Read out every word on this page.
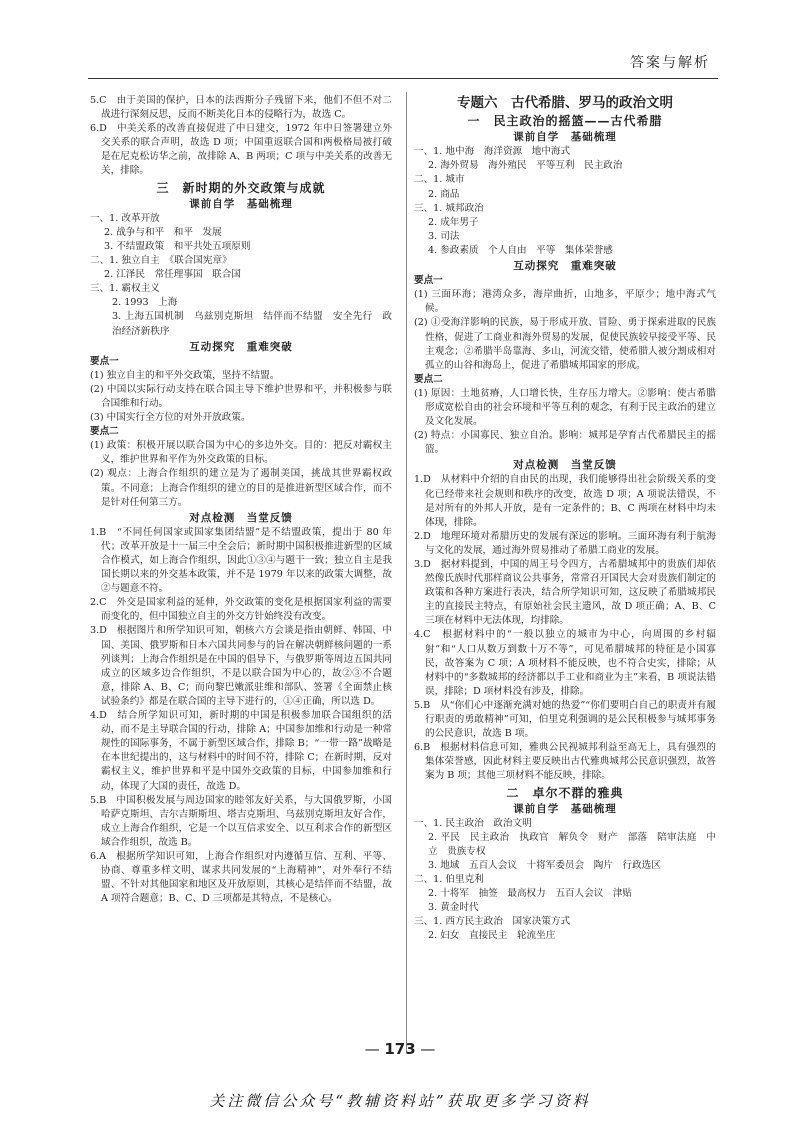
答案与解析
5.C　由于美国的保护，日本的法西斯分子残留下来，他们不但不对二战进行深刻反思，反而不断美化日本的侵略行为，故选 C。
6.D　中美关系的改善直接促进了中日建交，1972 年中日签署建立外交关系的联合声明，故选 D 项；中国重返联合国和两极格局被打破是在尼克松访华之前，故排除 A、B 两项；C 项与中美关系的改善无关，排除。
三　新时期的外交政策与成就
课前自学　基础梳理
一、1. 改革开放
2. 战争与和平　和平　发展
3. 不结盟政策　和平共处五项原则
二、1. 独立自主　《联合国宪章》
2. 江泽民　常任理事国　联合国
三、1. 霸权主义
2. 1993　上海
3. 上海五国机制　乌兹别克斯坦　结伴而不结盟　安全先行　政治经济新秩序
互动探究　重难突破
要点一
(1) 独立自主的和平外交政策，坚持不结盟。
(2) 中国以实际行动支持在联合国主导下维护世界和平，并积极参与联合国维和行动。
(3) 中国实行全方位的对外开放政策。
要点二
(1) 政策：积极开展以联合国为中心的多边外交。目的：把反对霸权主义，维护世界和平作为外交政策的目标。
(2) 观点：上海合作组织的建立是为了遏制美国，挑战其世界霸权政策。不同意；上海合作组织的建立的目的是推进新型区域合作，而不是针对任何第三方。
对点检测　当堂反馈
1.B　“不同任何国家或国家集团结盟”是不结盟政策，提出于 80 年代；改革开放是十一届三中全会后；新时期中国积极推进新型的区域合作模式，如上海合作组织，因此①③④与题干一致；独立自主是我国长期以来的外交基本政策，并不是 1979 年以来的政策大调整，故②与题意不符。
2.C　外交是国家利益的延伸，外交政策的变化是根据国家利益的需要而变化的，但中国独立自主的外交方针始终没有改变。
3.D　根据图片和所学知识可知，朝核六方会谈是指由朝鲜、韩国、中国、美国、俄罗斯和日本六国共同参与的旨在解决朝鲜核问题的一系列谈判；上海合作组织是在中国的倡导下，与俄罗斯等周边五国共同成立的区域多边合作组织，不是以联合国为中心的，故②③不合题意，排除 A、B、C；而向黎巴嫩派驻维和部队、签署《全面禁止核试验条约》都是在联合国的主导下进行的，①④正确，所以选 D。
4.D　结合所学知识可知，新时期的中国是积极参加联合国组织的活动，而不是主导联合国的行动，排除 A；中国参加维和行动是一种常规性的国际事务，不属于新型区域合作，排除 B；“一带一路”战略是在本世纪提出的，这与材料中的时间不符，排除 C；在新时期，反对霸权主义，维护世界和平是中国外交政策的目标，中国参加维和行动，体现了大国的责任，故选 D。
5.B　中国积极发展与周边国家的睦邻友好关系，与大国俄罗斯，小国哈萨克斯坦、吉尔吉斯斯坦、塔吉克斯坦、乌兹别克斯坦友好合作，成立上海合作组织，它是一个以互信求安全、以互利求合作的新型区域合作组织，故选 B。
6.A　根据所学知识可知，上海合作组织对内遵循互信、互利、平等、协商、尊重多样文明、谋求共同发展的“上海精神”，对外奉行不结盟、不针对其他国家和地区及开放原则，其核心是结伴而不结盟，故 A 项符合题意；B、C、D 三项都是其特点，不是核心。
专题六　古代希腊、罗马的政治文明
一　民主政治的摇篮——古代希腊
课前自学　基础梳理
一、1. 地中海　海洋资源　地中海式
2. 海外贸易　海外殖民　平等互利　民主政治
二、1. 城市
2. 商品
三、1. 城邦政治
2. 成年男子
3. 司法
4. 参政素质　个人自由　平等　集体荣誉感
互动探究　重难突破
要点一
(1) 三面环海；港湾众多，海岸曲折，山地多，平原少；地中海式气候。
(2) ①受海洋影响的民族，易于形成开放、冒险、勇于探索进取的民族性格，促进了工商业和海外贸易的发展，促使民族较早接受平等、民主观念；②希腊半岛靠海、多山，河流交错，使希腊人被分割成相对孤立的山谷和海岛上，促进了希腊城邦国家的形成。
要点二
(1) 原因：土地贫瘠，人口增长快，生存压力增大。②影响：使古希腊形成宽松自由的社会环境和平等互利的观念，有利于民主政治的建立及文化发展。
(2) 特点：小国寡民、独立自治。影响：城邦是孕育古代希腊民主的摇篮。
对点检测　当堂反馈
1.D　从材料中介绍的自由民的出现，我们能够得出社会阶级关系的变化已经带来社会规则和秩序的改变，故选 D 项；A 项说法错误，不是对所有的外邦人开放，是有一定条件的；B、C 两项在材料中均未体现，排除。
2.D　地理环境对希腊历史的发展有深远的影响。三面环海有利于航海与文化的发展，通过海外贸易推动了希腊工商业的发展。
3.D　据材料提到，中国的周王号令四方，古希腊城邦中的贵族们却依然像氏族时代那样商议公共事务，常常召开国民大会对贵族们制定的政策和各种方案进行表决，结合所学知识可知，这反映了希腊城邦民主的直接民主特点，有原始社会民主遗风，故 D 项正确；A、B、C 三项在材料中无法体现，均排除。
4.C　根据材料中的“一般以独立的城市为中心，向周围的乡村辐射”和“人口从数万到数十万不等”，可见希腊城邦的特征是小国寡民，故答案为 C 项；A 项材料不能反映，也不符合史实，排除；从材料中的“多数城邦的经济都以手工业和商业为主”来看，B 项说法错误，排除；D 项材料没有涉及，排除。
5.B　从“你们心中逐渐充满对她的热爱”“你们要明白自己的职责并有履行职责的勇敢精神”可知，伯里克利强调的是公民积极参与城邦事务的公民意识，故选 B 项。
6.B　根据材料信息可知，雅典公民视城邦利益至高无上，具有强烈的集体荣誉感，因此材料主要反映出古代雅典城邦公民意识强烈，故答案为 B 项；其他三项材料不能反映，排除。
二　卓尔不群的雅典
课前自学　基础梳理
一、1. 民主政治　政治文明
2. 平民　民主政治　执政官　解负令　财产　部落　陪审法庭　中立　贵族专权
3. 地域　五百人会议　十将军委员会　陶片　行政选区
二、1. 伯里克利
2. 十将军　抽签　最高权力　五百人会议　津贴
3. 黄金时代
三、1. 西方民主政治　国家决策方式
2. 妇女　直接民主　轮流坐庄
— 173 —
关注微信公众号“教辅资料站”获取更多学习资料
